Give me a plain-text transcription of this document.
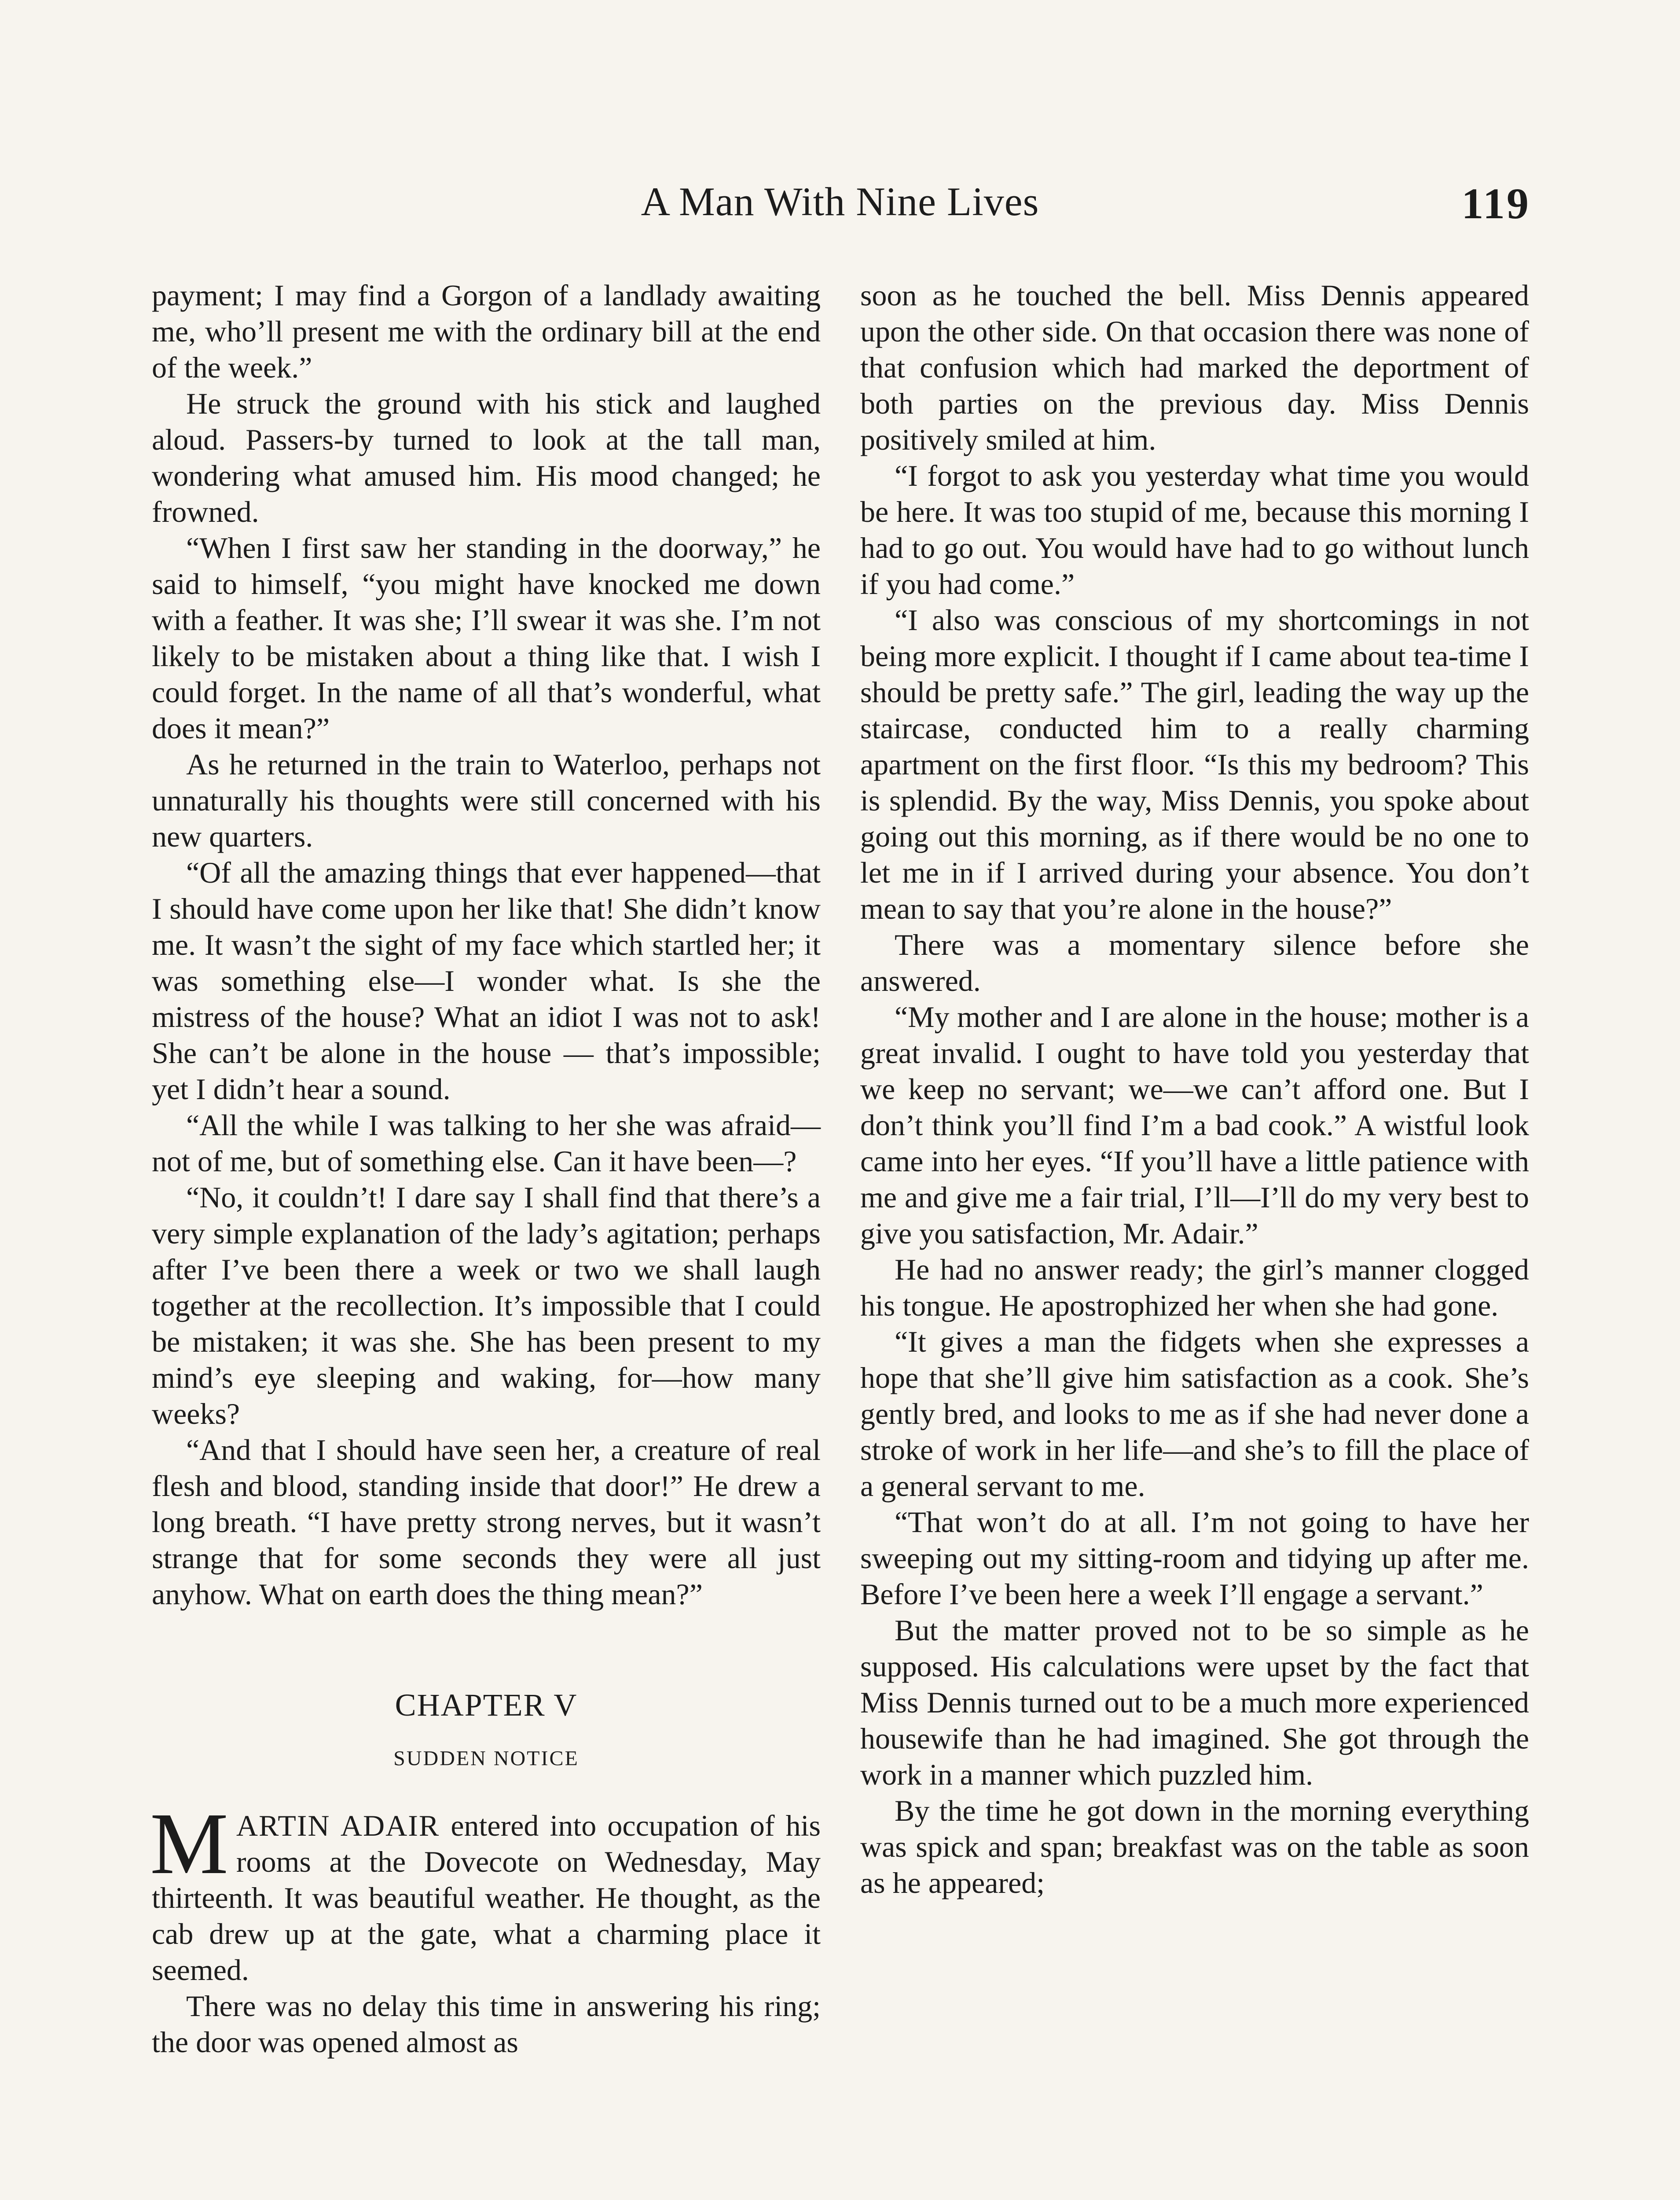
A Man With Nine Lives	119

payment; I may find a Gorgon of a landlady awaiting me, who’ll present me with the ordinary bill at the end of the week.”

He struck the ground with his stick and laughed aloud. Passers-by turned to look at the tall man, wondering what amused him. His mood changed; he frowned.

“When I first saw her standing in the doorway,” he said to himself, “you might have knocked me down with a feather. It was she; I’ll swear it was she. I’m not likely to be mistaken about a thing like that. I wish I could forget. In the name of all that’s wonderful, what does it mean?”

As he returned in the train to Waterloo, perhaps not unnaturally his thoughts were still concerned with his new quarters.

“Of all the amazing things that ever happened—that I should have come upon her like that! She didn’t know me. It wasn’t the sight of my face which startled her; it was something else—I wonder what. Is she the mistress of the house? What an idiot I was not to ask! She can’t be alone in the house — that’s impossible; yet I didn’t hear a sound.

“All the while I was talking to her she was afraid—not of me, but of something else. Can it have been—?

“No, it couldn’t! I dare say I shall find that there’s a very simple explanation of the lady’s agitation; perhaps after I’ve been there a week or two we shall laugh together at the recollection. It’s impossible that I could be mistaken; it was she. She has been present to my mind’s eye sleeping and waking, for—how many weeks?

“And that I should have seen her, a creature of real flesh and blood, standing inside that door!” He drew a long breath. “I have pretty strong nerves, but it wasn’t strange that for some seconds they were all just anyhow. What on earth does the thing mean?”

CHAPTER V
SUDDEN NOTICE

MARTIN ADAIR entered into occupation of his rooms at the Dovecote on Wednesday, May thirteenth. It was beautiful weather. He thought, as the cab drew up at the gate, what a charming place it seemed.

There was no delay this time in answering his ring; the door was opened almost as

soon as he touched the bell. Miss Dennis appeared upon the other side. On that occasion there was none of that confusion which had marked the deportment of both parties on the previous day. Miss Dennis positively smiled at him.

“I forgot to ask you yesterday what time you would be here. It was too stupid of me, because this morning I had to go out. You would have had to go without lunch if you had come.”

“I also was conscious of my shortcomings in not being more explicit. I thought if I came about tea-time I should be pretty safe.” The girl, leading the way up the staircase, conducted him to a really charming apartment on the first floor. “Is this my bedroom? This is splendid. By the way, Miss Dennis, you spoke about going out this morning, as if there would be no one to let me in if I arrived during your absence. You don’t mean to say that you’re alone in the house?”

There was a momentary silence before she answered.

“My mother and I are alone in the house; mother is a great invalid. I ought to have told you yesterday that we keep no servant; we—we can’t afford one. But I don’t think you’ll find I’m a bad cook.” A wistful look came into her eyes. “If you’ll have a little patience with me and give me a fair trial, I’ll—I’ll do my very best to give you satisfaction, Mr. Adair.”

He had no answer ready; the girl’s manner clogged his tongue. He apostrophized her when she had gone.

“It gives a man the fidgets when she expresses a hope that she’ll give him satisfaction as a cook. She’s gently bred, and looks to me as if she had never done a stroke of work in her life—and she’s to fill the place of a general servant to me.

“That won’t do at all. I’m not going to have her sweeping out my sitting-room and tidying up after me. Before I’ve been here a week I’ll engage a servant.”

But the matter proved not to be so simple as he supposed. His calculations were upset by the fact that Miss Dennis turned out to be a much more experienced housewife than he had imagined. She got through the work in a manner which puzzled him.

By the time he got down in the morning everything was spick and span; breakfast was on the table as soon as he appeared;
